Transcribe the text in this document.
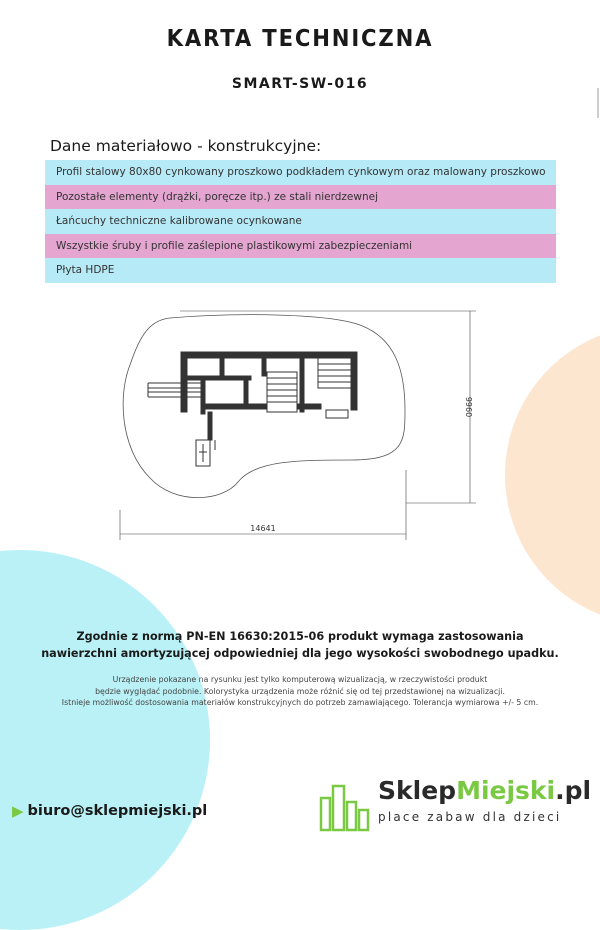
KARTA TECHNICZNA
SMART-SW-016
Dane materiałowo - konstrukcyjne:
Profil stalowy 80x80 cynkowany proszkowo podkładem cynkowym oraz malowany proszkowo
Pozostałe elementy (drążki, poręcze itp.) ze stali nierdzewnej
Łańcuchy techniczne kalibrowane ocynkowane
Wszystkie śruby i profile zaślepione plastikowymi zabezpieczeniami
Płyta HDPE
14641
9960
Zgodnie z normą PN-EN 16630:2015-06 produkt wymaga zastosowania
nawierzchni amortyzującej odpowiedniej dla jego wysokości swobodnego upadku.
Urządzenie pokazane na rysunku jest tylko komputerową wizualizacją, w rzeczywistości produkt
będzie wyglądać podobnie. Kolorystyka urządzenia może różnić się od tej przedstawionej na wizualizacji.
Istnieje możliwość dostosowania materiałów konstrukcyjnych do potrzeb zamawiającego. Tolerancja wymiarowa +/- 5 cm.
▶ biuro@sklepmiejski.pl
SklepMiejski.pl
place zabaw dla dzieci
